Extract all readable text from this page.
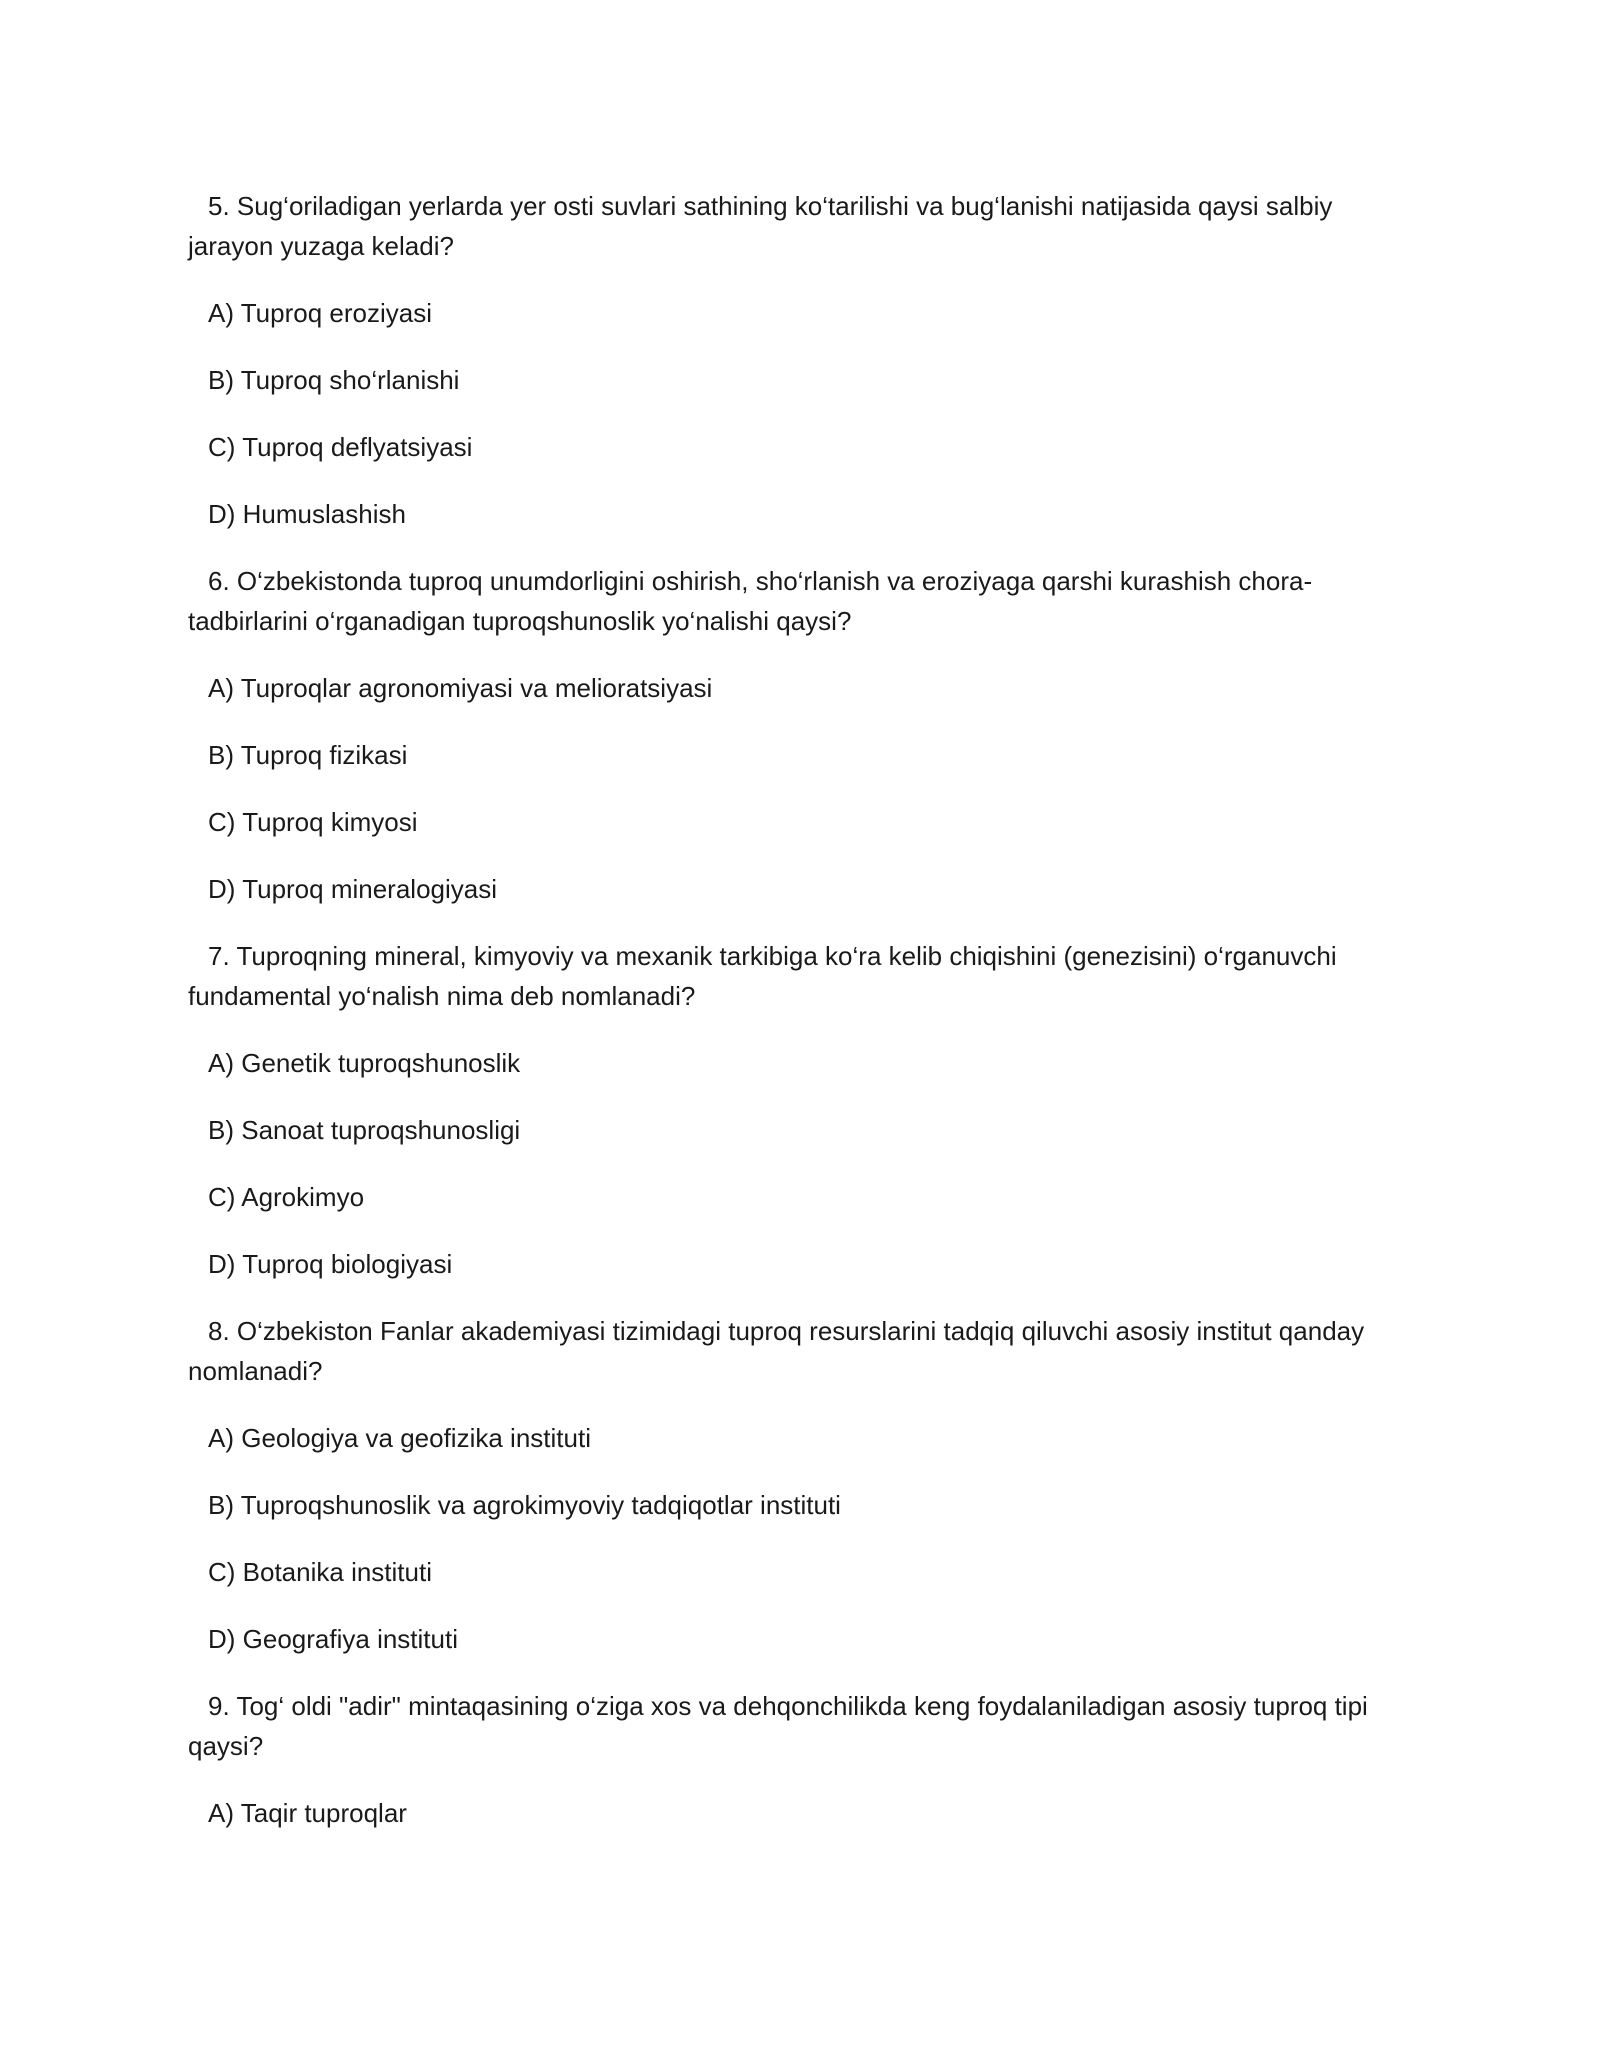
5. Sug‘oriladigan yerlarda yer osti suvlari sathining ko‘tarilishi va bug‘lanishi natijasida qaysi salbiy jarayon yuzaga keladi?

A) Tuproq eroziyasi

B) Tuproq sho‘rlanishi

C) Tuproq deflyatsiyasi

D) Humuslashish

6. O‘zbekistonda tuproq unumdorligini oshirish, sho‘rlanish va eroziyaga qarshi kurashish chora-tadbirlarini o‘rganadigan tuproqshunoslik yo‘nalishi qaysi?

A) Tuproqlar agronomiyasi va melioratsiyasi

B) Tuproq fizikasi

C) Tuproq kimyosi

D) Tuproq mineralogiyasi

7. Tuproqning mineral, kimyoviy va mexanik tarkibiga ko‘ra kelib chiqishini (genezisini) o‘rganuvchi fundamental yo‘nalish nima deb nomlanadi?

A) Genetik tuproqshunoslik

B) Sanoat tuproqshunosligi

C) Agrokimyo

D) Tuproq biologiyasi

8. O‘zbekiston Fanlar akademiyasi tizimidagi tuproq resurslarini tadqiq qiluvchi asosiy institut qanday nomlanadi?

A) Geologiya va geofizika instituti

B) Tuproqshunoslik va agrokimyoviy tadqiqotlar instituti

C) Botanika instituti

D) Geografiya instituti

9. Tog‘ oldi "adir" mintaqasining o‘ziga xos va dehqonchilikda keng foydalaniladigan asosiy tuproq tipi qaysi?

A) Taqir tuproqlar
